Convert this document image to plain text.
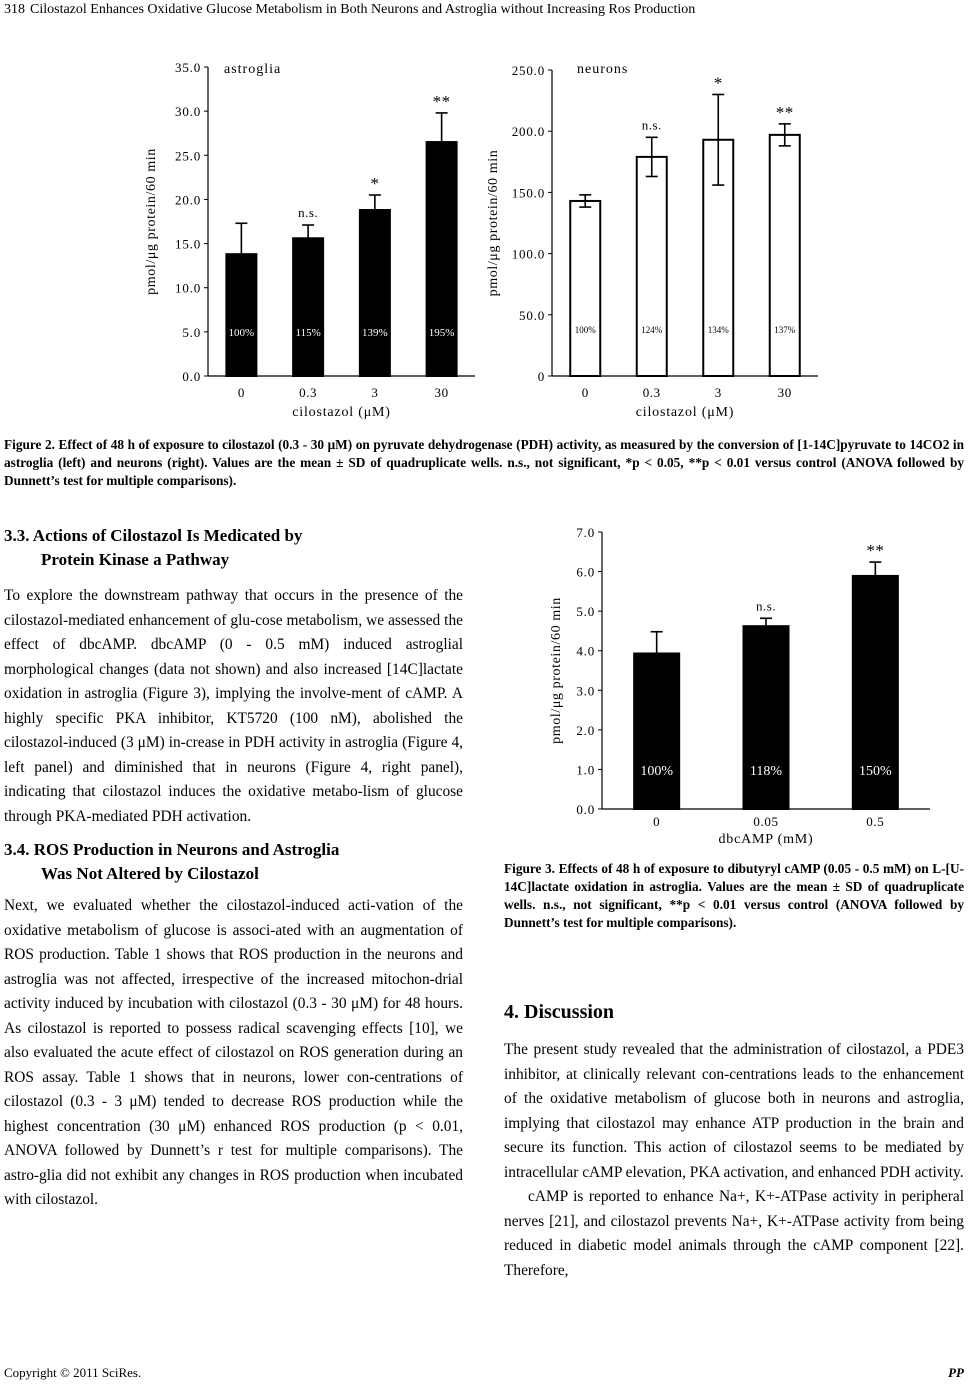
318 Cilostazol Enhances Oxidative Glucose Metabolism in Both Neurons and Astroglia without Increasing Ros Production
0.0
5.0
10.0
15.0
20.0
25.0
30.0
35.0
pmol/μg protein/60 min
100%
0
n.s.
115%
0.3
*
139%
3
**
195%
30
cilostazol (μM)
astroglia
0
50.0
100.0
150.0
200.0
250.0
pmol/μg protein/60 min
100%
0
n.s.
124%
0.3
*
134%
3
**
137%
30
cilostazol (μM)
neurons
Figure 2. Effect of 48 h of exposure to cilostazol (0.3 - 30 μM) on pyruvate dehydrogenase (PDH) activity, as measured by the conversion of [1-14C]pyruvate to 14CO2 in astroglia (left) and neurons (right). Values are the mean ± SD of quadruplicate wells. n.s., not significant, *p < 0.05, **p < 0.01 versus control (ANOVA followed by Dunnett’s test for multiple comparisons).
3.3. Actions of Cilostazol Is Medicated by
Protein Kinase a Pathway

To explore the downstream pathway that occurs in the presence of the cilostazol-mediated enhancement of glu-cose metabolism, we assessed the effect of dbcAMP. dbcAMP (0 - 0.5 mM) induced astroglial morphological changes (data not shown) and also increased [14C]lactate oxidation in astroglia (Figure 3), implying the involve-ment of cAMP. A highly specific PKA inhibitor, KT5720 (100 nM), abolished the cilostazol-induced (3 μM) in-crease in PDH activity in astroglia (Figure 4, left panel) and diminished that in neurons (Figure 4, right panel), indicating that cilostazol induces the oxidative metabo-lism of glucose through PKA-mediated PDH activation.

3.4. ROS Production in Neurons and Astroglia
Was Not Altered by Cilostazol

Next, we evaluated whether the cilostazol-induced acti-vation of the oxidative metabolism of glucose is associ-ated with an augmentation of ROS production. Table 1 shows that ROS production in the neurons and astroglia was not affected, irrespective of the increased mitochon-drial activity induced by incubation with cilostazol (0.3 - 30 μM) for 48 hours. As cilostazol is reported to possess radical scavenging effects [10], we also evaluated the acute effect of cilostazol on ROS generation during an ROS assay. Table 1 shows that in neurons, lower con-centrations of cilostazol (0.3 - 3 μM) tended to decrease ROS production while the highest concentration (30 μM) enhanced ROS production (p < 0.01, ANOVA followed by Dunnett’s r test for multiple comparisons). The astro-glia did not exhibit any changes in ROS production when incubated with cilostazol.

0.0
1.0
2.0
3.0
4.0
5.0
6.0
7.0
pmol/μg protein/60 min
100%
0
n.s.
118%
0.05
**
150%
0.5
dbcAMP (mM)
Figure 3. Effects of 48 h of exposure to dibutyryl cAMP (0.05 - 0.5 mM) on L-[U-14C]lactate oxidation in astroglia. Values are the mean ± SD of quadruplicate wells. n.s., not significant, **p < 0.01 versus control (ANOVA followed by Dunnett’s test for multiple comparisons).
4. Discussion

The present study revealed that the administration of cilostazol, a PDE3 inhibitor, at clinically relevant con-centrations leads to the enhancement of the oxidative metabolism of glucose both in neurons and astroglia, implying that cilostazol may enhance ATP production in the brain and secure its function. This action of cilostazol seems to be mediated by intracellular cAMP elevation, PKA activation, and enhanced PDH activity.

cAMP is reported to enhance Na+, K+-ATPase activity in peripheral nerves [21], and cilostazol prevents Na+, K+-ATPase activity from being reduced in diabetic model animals through the cAMP component [22]. Therefore,

Copyright © 2011 SciRes.	PP
